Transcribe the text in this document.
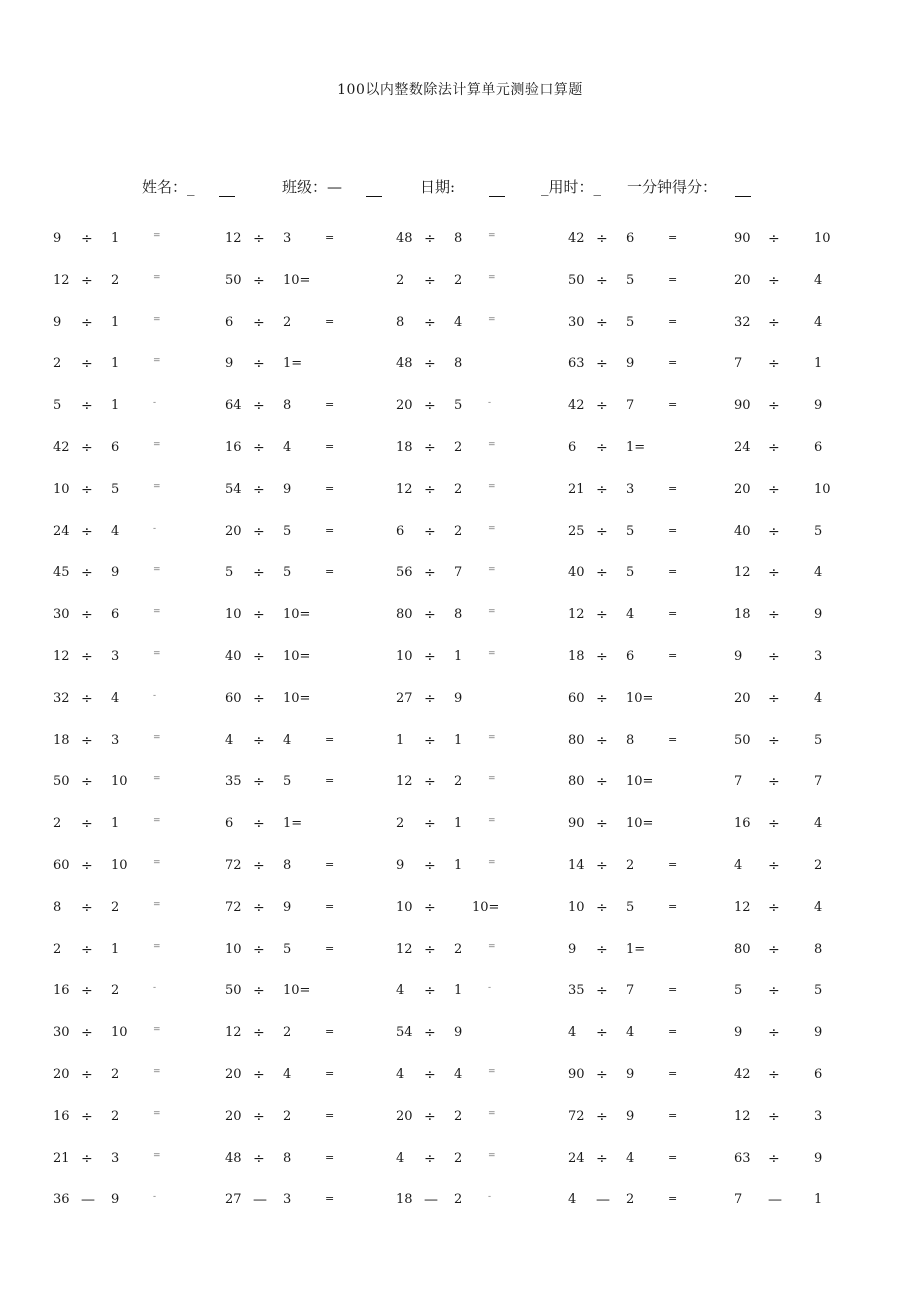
100以内整数除法计算单元测验口算题
姓名：_	班级：—	日期:	_用时：_ 一分钟得分：
9 ÷ 1	=	12 ÷ 3	=	48 ÷ 8	=	42 ÷ 6	=	90 ÷	10
12 ÷ 2	=	50 ÷ 10=	2 ÷ 2	=	50 ÷ 5	=	20 ÷	4
9 ÷ 1	=	6 ÷ 2	=	8 ÷ 4	=	30 ÷ 5	=	32 ÷	4
2 ÷ 1	=	9 ÷ 1=	48 ÷ 8	63 ÷ 9	=	7 ÷	1
5 ÷ 1	-	64 ÷ 8	=	20 ÷ 5	-	42 ÷ 7	=	90 ÷	9
42 ÷ 6	=	16 ÷ 4	=	18 ÷ 2	=	6 ÷ 1=	24 ÷	6
10 ÷ 5	=	54 ÷ 9	=	12 ÷ 2	=	21 ÷ 3	=	20 ÷	10
24 ÷ 4	-	20 ÷ 5	=	6 ÷ 2	=	25 ÷ 5	=	40 ÷	5
45 ÷ 9	=	5 ÷ 5	=	56 ÷ 7	=	40 ÷ 5	=	12 ÷	4
30 ÷ 6	=	10 ÷ 10=	80 ÷ 8	=	12 ÷ 4	=	18 ÷	9
12 ÷ 3	=	40 ÷ 10=	10 ÷ 1	=	18 ÷ 6	=	9 ÷	3
32 ÷ 4	-	60 ÷ 10=	27 ÷ 9	60 ÷ 10=	20 ÷	4
18 ÷ 3	=	4 ÷ 4	=	1 ÷ 1	=	80 ÷ 8	=	50 ÷	5
50 ÷ 10	=	35 ÷ 5	=	12 ÷ 2	=	80 ÷ 10=	7 ÷	7
2 ÷ 1	=	6 ÷ 1=	2 ÷ 1	=	90 ÷ 10=	16 ÷	4
60 ÷ 10	=	72 ÷ 8	=	9 ÷ 1	=	14 ÷ 2	=	4 ÷	2
8 ÷ 2	=	72 ÷ 9	=	10 ÷	10=	10 ÷ 5	=	12 ÷	4
2 ÷ 1	=	10 ÷ 5	=	12 ÷ 2	=	9 ÷ 1=	80 ÷	8
16 ÷ 2	-	50 ÷ 10=	4 ÷ 1	-	35 ÷ 7	=	5 ÷	5
30 ÷ 10	=	12 ÷ 2	=	54 ÷ 9	4 ÷ 4	=	9 ÷	9
20 ÷ 2	=	20 ÷ 4	=	4 ÷ 4	=	90 ÷ 9	=	42 ÷	6
16 ÷ 2	=	20 ÷ 2	=	20 ÷ 2	=	72 ÷ 9	=	12 ÷	3
21 ÷ 3	=	48 ÷ 8	=	4 ÷ 2	=	24 ÷ 4	=	63 ÷	9
36 — 9	-	27 — 3	=	18 — 2	-	4 — 2	=	7 — 1
